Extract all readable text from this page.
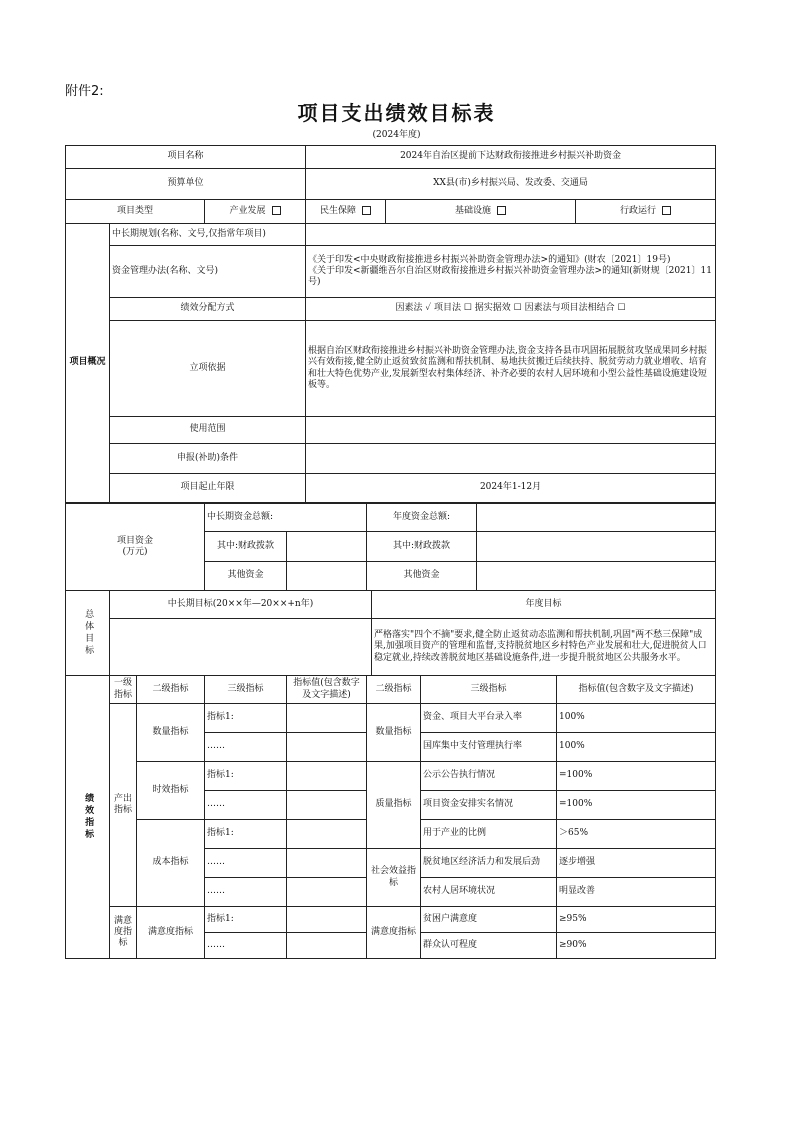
附件2:
项目支出绩效目标表
(2024年度)
项目名称			2024年自治区提前下达财政衔接推进乡村振兴补助资金		
预算单位			XX县(市)乡村振兴局、发改委、交通局		
项目类型		产业发展	民生保障	基础设施	行政运行
项目概况	中长期规划(名称、文号,仅指常年项目)				
	资金管理办法(名称、文号)		《关于印发<中央财政衔接推进乡村振兴补助资金管理办法>的通知》(财农〔2021〕19号)
《关于印发<新疆维吾尔自治区财政衔接推进乡村振兴补助资金管理办法>的通知(新财规〔2021〕11号)		
	绩效分配方式		因素法 ✓ 项目法 ☐ 据实据效 ☐ 因素法与项目法相结合 ☐		
	立项依据		根据自治区财政衔接推进乡村振兴补助资金管理办法,资金支持各县市巩固拓展脱贫攻坚成果同乡村振兴有效衔接,健全防止返贫致贫监测和帮扶机制、易地扶贫搬迁后续扶持、脱贫劳动力就业增收、培育和壮大特色优势产业,发展新型农村集体经济、补齐必要的农村人居环境和小型公益性基础设施建设短板等。		
	使用范围				
	申报(补助)条件				
	项目起止年限		2024年1-12月		
项目资金
(万元)	中长期资金总额:		年度资金总额:	
	其中:财政拨款		其中:财政拨款	
	其他资金		其他资金	
总体目标	中长期目标(20××年—20××+n年)	年度目标
		严格落实"四个不摘"要求,健全防止返贫动态监测和帮扶机制,巩固"两不愁三保障"成果,加强项目资产的管理和监督,支持脱贫地区乡村特色产业发展和壮大,促进脱贫人口稳定就业,持续改善脱贫地区基础设施条件,进一步提升脱贫地区公共服务水平。
绩效指标	一级指标	二级指标	三级指标	指标值(包含数字及文字描述)	二级指标	三级指标	指标值(包含数字及文字描述)
	产出指标	数量指标	指标1:		数量指标	资金、项目大平台录入率	100%
			……			国库集中支付管理执行率	100%
		时效指标	指标1:		质量指标	公示公告执行情况	=100%
			……			项目资金安排实名情况	=100%
		成本指标	指标1:			用于产业的比例	＞65%
			……		社会效益指标	脱贫地区经济活力和发展后劲	逐步增强
			……			农村人居环境状况	明显改善
	满意度指标	满意度指标	指标1:		满意度指标	贫困户满意度	≥95%
			……			群众认可程度	≥90%
